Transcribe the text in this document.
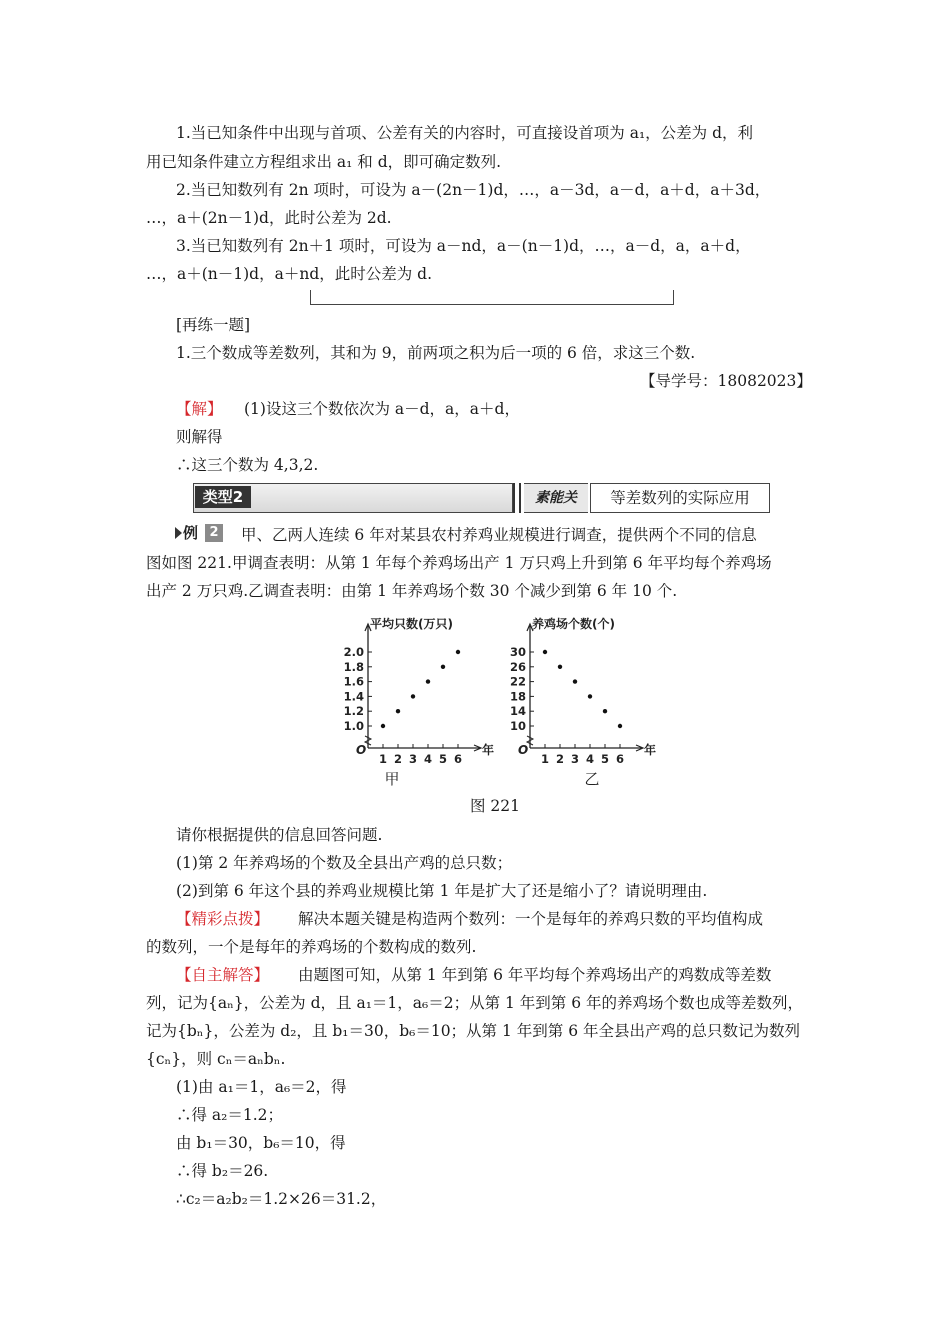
1.当已知条件中出现与首项、公差有关的内容时，可直接设首项为 a₁，公差为 d，利
用已知条件建立方程组求出 a₁ 和 d，即可确定数列.
2.当已知数列有 2n 项时，可设为 a－(2n－1)d，…，a－3d，a－d，a＋d，a＋3d，
…，a＋(2n－1)d，此时公差为 2d.
3.当已知数列有 2n＋1 项时，可设为 a－nd，a－(n－1)d，…，a－d，a，a＋d，
…，a＋(n－1)d，a＋nd，此时公差为 d.
[再练一题]
1.三个数成等差数列，其和为 9，前两项之积为后一项的 6 倍，求这三个数.
【导学号：18082023】
(1)设这三个数依次为 a－d，a，a＋d，
则解得
∴这三个数为 4,3,2.
甲、乙两人连续 6 年对某县农村养鸡业规模进行调查，提供两个不同的信息
图如图 221.甲调查表明：从第 1 年每个养鸡场出产 1 万只鸡上升到第 6 年平均每个养鸡场
出产 2 万只鸡.乙调查表明：由第 1 年养鸡场个数 30 个减少到第 6 年 10 个.
请你根据提供的信息回答问题.
(1)第 2 年养鸡场的个数及全县出产鸡的总只数；
(2)到第 6 年这个县的养鸡业规模比第 1 年是扩大了还是缩小了？请说明理由.
解决本题关键是构造两个数列：一个是每年的养鸡只数的平均值构成
的数列，一个是每年的养鸡场的个数构成的数列.
由题图可知，从第 1 年到第 6 年平均每个养鸡场出产的鸡数成等差数
列，记为{aₙ}，公差为 d，且 a₁＝1，a₆＝2；从第 1 年到第 6 年的养鸡场个数也成等差数列，
记为{bₙ}，公差为 d₂，且 b₁＝30，b₆＝10；从第 1 年到第 6 年全县出产鸡的总只数记为数列
{cₙ}，则 cₙ＝aₙbₙ.
(1)由 a₁＝1，a₆＝2，得
∴得 a₂＝1.2；
由 b₁＝30，b₆＝10，得
∴得 b₂＝26.
∴c₂＝a₂b₂＝1.2×26＝31.2，
类型2	素能关	等差数列的实际应用
例 2
【解】
【精彩点拨】
【自主解答】
平均只数(万只)
O	年
1.0
1.2
1.4
1.6
1.8
2.0
1 2 3 4 5 6
甲
养鸡场个数(个)
O	年
10
14
18
22
26
30
1 2 3 4 5 6
乙
图 221
